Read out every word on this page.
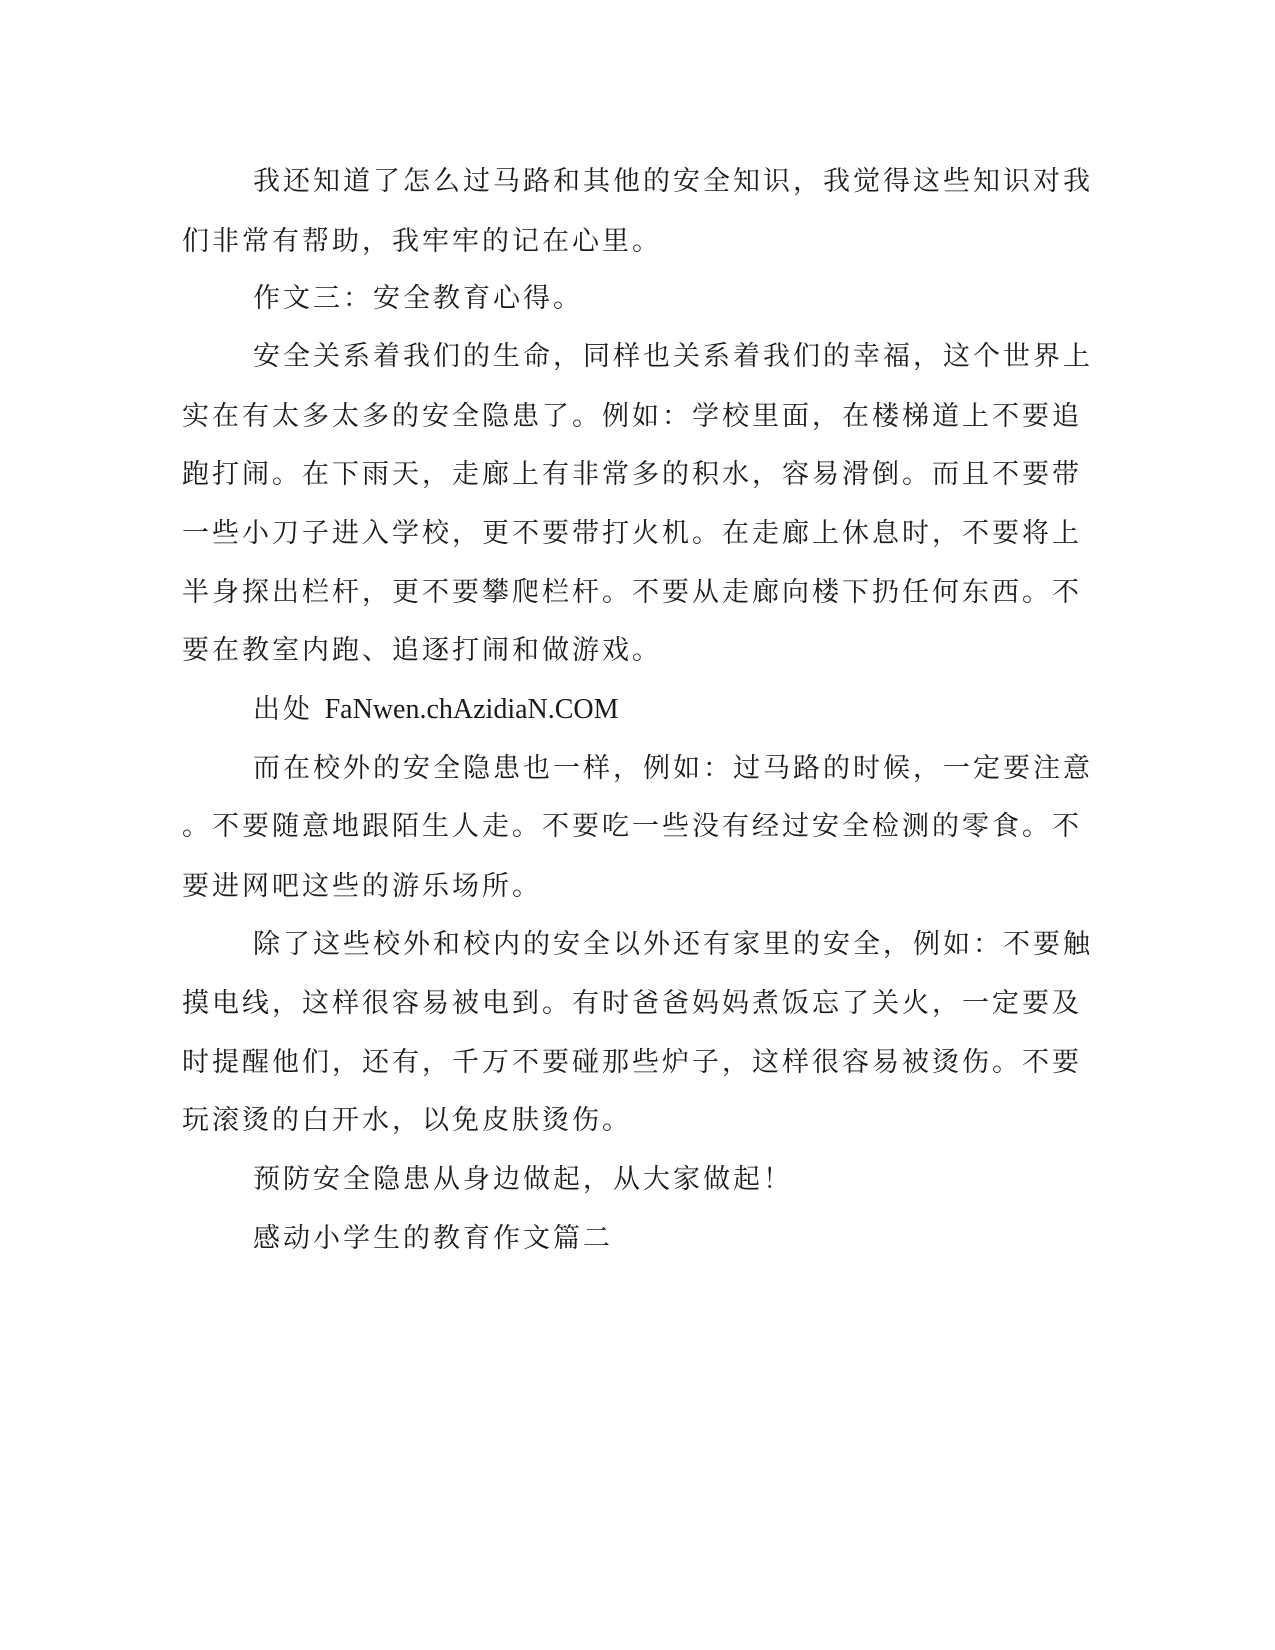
我还知道了怎么过马路和其他的安全知识，我觉得这些知识对我
们非常有帮助，我牢牢的记在心里。
作文三：安全教育心得。
安全关系着我们的生命，同样也关系着我们的幸福，这个世界上
实在有太多太多的安全隐患了。例如：学校里面，在楼梯道上不要追
跑打闹。在下雨天，走廊上有非常多的积水，容易滑倒。而且不要带
一些小刀子进入学校，更不要带打火机。在走廊上休息时，不要将上
半身探出栏杆，更不要攀爬栏杆。不要从走廊向楼下扔任何东西。不
要在教室内跑、追逐打闹和做游戏。
出处 FaNwen.chAzidiaN.COM
而在校外的安全隐患也一样，例如：过马路的时候，一定要注意
。不要随意地跟陌生人走。不要吃一些没有经过安全检测的零食。不
要进网吧这些的游乐场所。
除了这些校外和校内的安全以外还有家里的安全，例如：不要触
摸电线，这样很容易被电到。有时爸爸妈妈煮饭忘了关火，一定要及
时提醒他们，还有，千万不要碰那些炉子，这样很容易被烫伤。不要
玩滚烫的白开水，以免皮肤烫伤。
预防安全隐患从身边做起，从大家做起！
感动小学生的教育作文篇二
